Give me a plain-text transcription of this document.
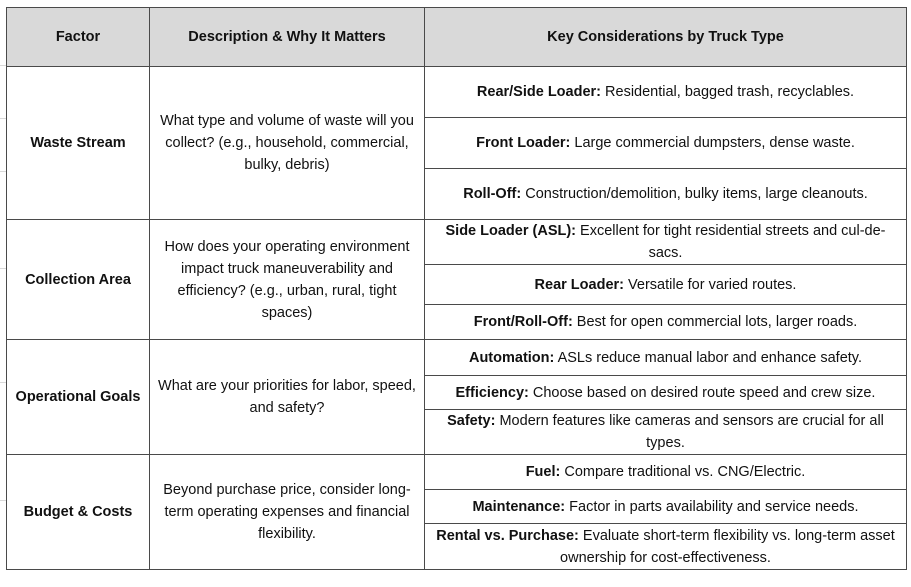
Factor	Description & Why It Matters	Key Considerations by Truck Type
Waste Stream	What type and volume of waste will you collect? (e.g., household, commercial, bulky, debris)	Rear/Side Loader: Residential, bagged trash, recyclables.
		Front Loader: Large commercial dumpsters, dense waste.
		Roll-Off: Construction/demolition, bulky items, large cleanouts.
Collection Area	How does your operating environment impact truck maneuverability and efficiency? (e.g., urban, rural, tight spaces)	Side Loader (ASL): Excellent for tight residential streets and cul-de-sacs.
		Rear Loader: Versatile for varied routes.
		Front/Roll-Off: Best for open commercial lots, larger roads.
Operational Goals	What are your priorities for labor, speed, and safety?	Automation: ASLs reduce manual labor and enhance safety.
		Efficiency: Choose based on desired route speed and crew size.
		Safety: Modern features like cameras and sensors are crucial for all types.
Budget & Costs	Beyond purchase price, consider long-term operating expenses and financial flexibility.	Fuel: Compare traditional vs. CNG/Electric.
		Maintenance: Factor in parts availability and service needs.
		Rental vs. Purchase: Evaluate short-term flexibility vs. long-term asset ownership for cost-effectiveness.
